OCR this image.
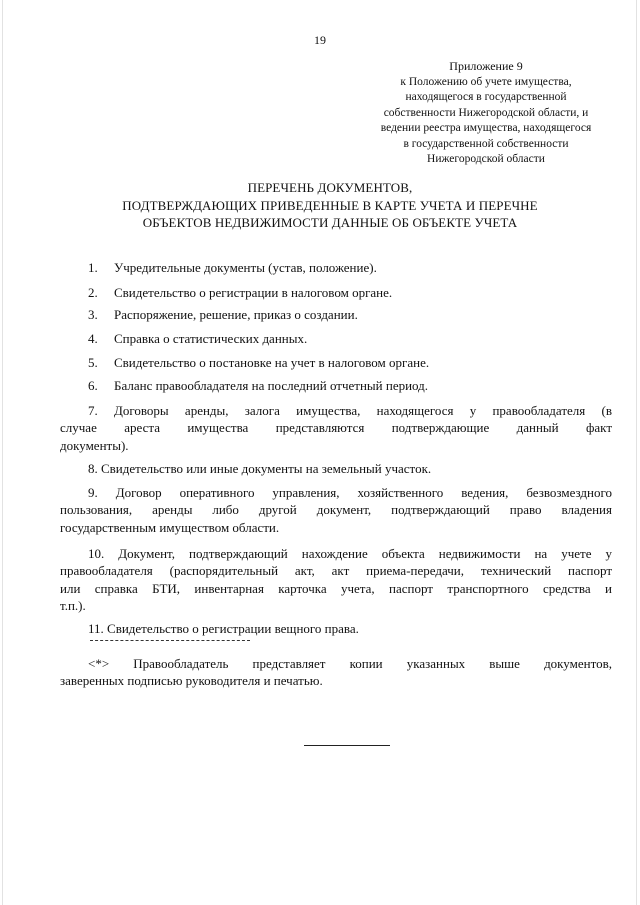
19
Приложение 9
к Положению об учете имущества,
находящегося в государственной
собственности Нижегородской области, и
ведении реестра имущества, находящегося
в государственной собственности
Нижегородской области
ПЕРЕЧЕНЬ ДОКУМЕНТОВ,
ПОДТВЕРЖДАЮЩИХ ПРИВЕДЕННЫЕ В КАРТЕ УЧЕТА И ПЕРЕЧНЕ
ОБЪЕКТОВ НЕДВИЖИМОСТИ ДАННЫЕ ОБ ОБЪЕКТЕ УЧЕТА
1. Учредительные документы (устав, положение).
2. Свидетельство о регистрации в налоговом органе.
3. Распоряжение, решение, приказ о создании.
4. Справка о статистических данных.
5. Свидетельство о постановке на учет в налоговом органе.
6. Баланс правообладателя на последний отчетный период.
7. Договоры аренды, залога имущества, находящегося у правообладателя (в
случае ареста имущества представляются подтверждающие данный факт
документы).
8. Свидетельство или иные документы на земельный участок.
9. Договор оперативного управления, хозяйственного ведения, безвозмездного
пользования, аренды либо другой документ, подтверждающий право владения
государственным имуществом области.
10. Документ, подтверждающий нахождение объекта недвижимости на учете у
правообладателя (распорядительный акт, акт приема-передачи, технический паспорт
или справка БТИ, инвентарная карточка учета, паспорт транспортного средства и
т.п.).
11. Свидетельство о регистрации вещного права.
<*> Правообладатель представляет копии указанных выше документов,
заверенных подписью руководителя и печатью.
